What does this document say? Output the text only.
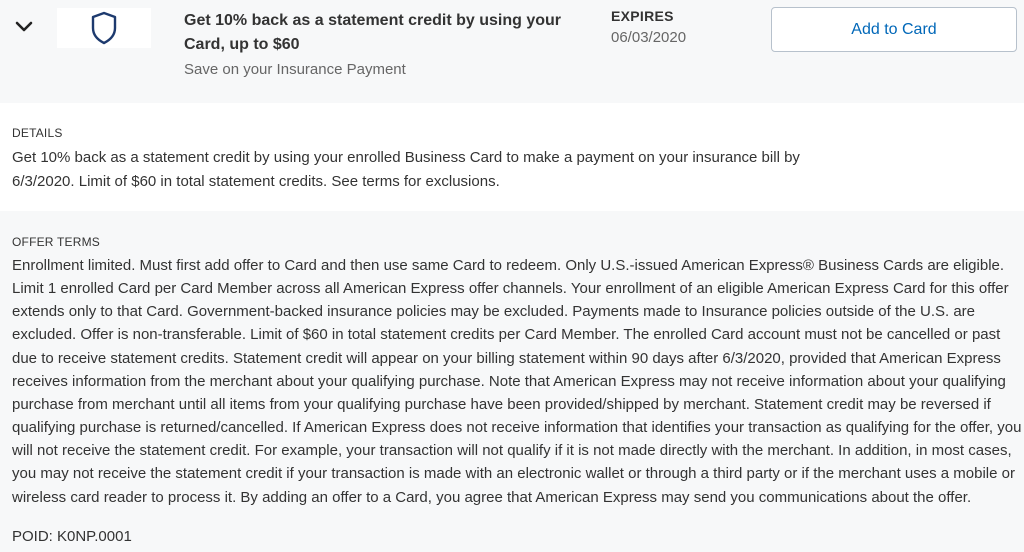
Get 10% back as a statement credit by using your Card, up to $60
Save on your Insurance Payment
EXPIRES
06/03/2020	Add to Card
DETAILS
Get 10% back as a statement credit by using your enrolled Business Card to make a payment on your insurance bill by 6/3/2020. Limit of $60 in total statement credits. See terms for exclusions.
OFFER TERMS
Enrollment limited. Must first add offer to Card and then use same Card to redeem. Only U.S.-issued American Express® Business Cards are eligible. Limit 1 enrolled Card per Card Member across all American Express offer channels. Your enrollment of an eligible American Express Card for this offer extends only to that Card. Government-backed insurance policies may be excluded. Payments made to Insurance policies outside of the U.S. are excluded. Offer is non-transferable. Limit of $60 in total statement credits per Card Member. The enrolled Card account must not be cancelled or past due to receive statement credits. Statement credit will appear on your billing statement within 90 days after 6/3/2020, provided that American Express receives information from the merchant about your qualifying purchase. Note that American Express may not receive information about your qualifying purchase from merchant until all items from your qualifying purchase have been provided/shipped by merchant. Statement credit may be reversed if qualifying purchase is returned/cancelled. If American Express does not receive information that identifies your transaction as qualifying for the offer, you will not receive the statement credit. For example, your transaction will not qualify if it is not made directly with the merchant. In addition, in most cases, you may not receive the statement credit if your transaction is made with an electronic wallet or through a third party or if the merchant uses a mobile or wireless card reader to process it. By adding an offer to a Card, you agree that American Express may send you communications about the offer.
POID: K0NP.0001
